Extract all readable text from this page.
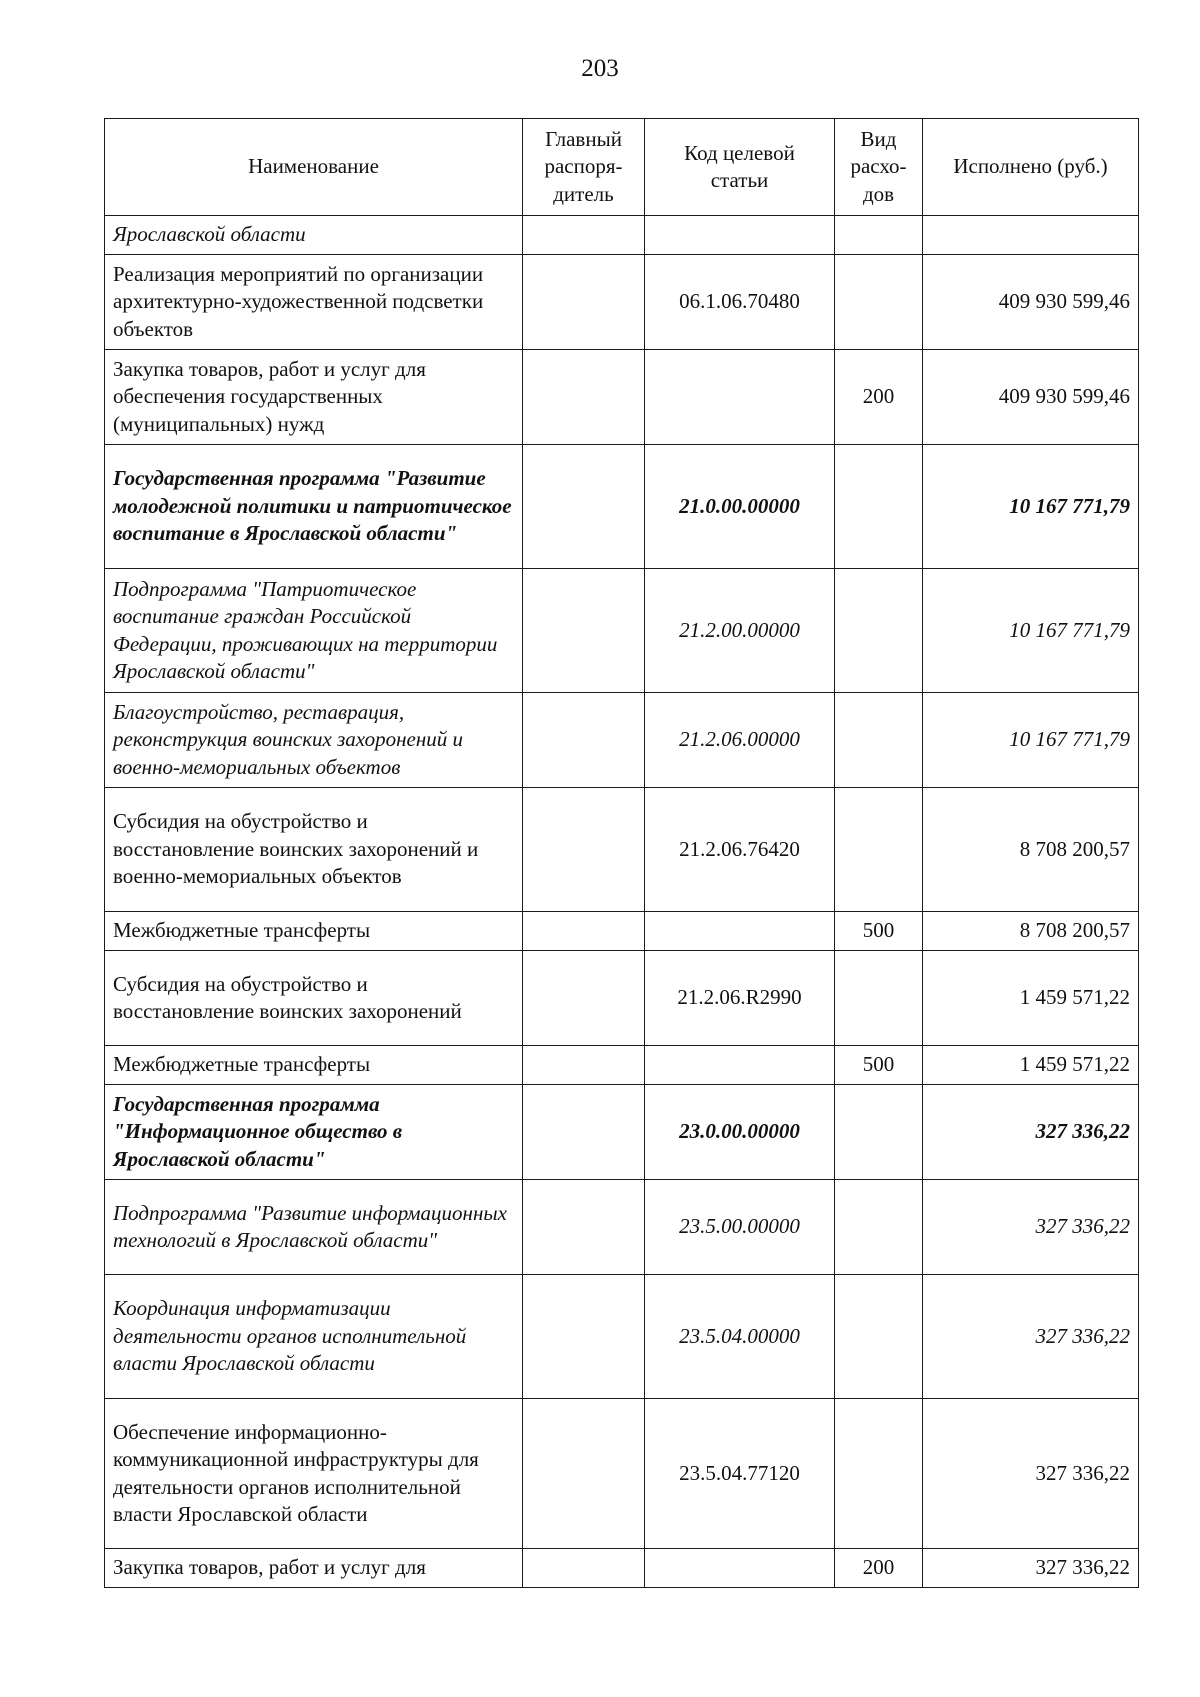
203
Наименование	Главный распоря-дитель	Код целевой статьи	Вид расхо-дов	Исполнено (руб.)
Ярославской области				
Реализация мероприятий по организации архитектурно-художественной подсветки объектов		06.1.06.70480		409 930 599,46
Закупка товаров, работ и услуг для обеспечения государственных (муниципальных) нужд			200	409 930 599,46
Государственная программа "Развитие молодежной политики и патриотическое воспитание в Ярославской области"		21.0.00.00000		10 167 771,79
Подпрограмма "Патриотическое воспитание граждан Российской Федерации, проживающих на территории Ярославской области"		21.2.00.00000		10 167 771,79
Благоустройство, реставрация, реконструкция воинских захоронений и военно-мемориальных объектов		21.2.06.00000		10 167 771,79
Субсидия на обустройство и восстановление воинских захоронений и военно-мемориальных объектов		21.2.06.76420		8 708 200,57
Межбюджетные трансферты			500	8 708 200,57
Субсидия на обустройство и восстановление воинских захоронений		21.2.06.R2990		1 459 571,22
Межбюджетные трансферты			500	1 459 571,22
Государственная программа "Информационное общество в Ярославской области"		23.0.00.00000		327 336,22
Подпрограмма "Развитие информационных технологий в Ярославской области"		23.5.00.00000		327 336,22
Координация информатизации деятельности органов исполнительной власти Ярославской области		23.5.04.00000		327 336,22
Обеспечение информационно-коммуникационной инфраструктуры для деятельности органов исполнительной власти Ярославской области		23.5.04.77120		327 336,22
Закупка товаров, работ и услуг для			200	327 336,22
